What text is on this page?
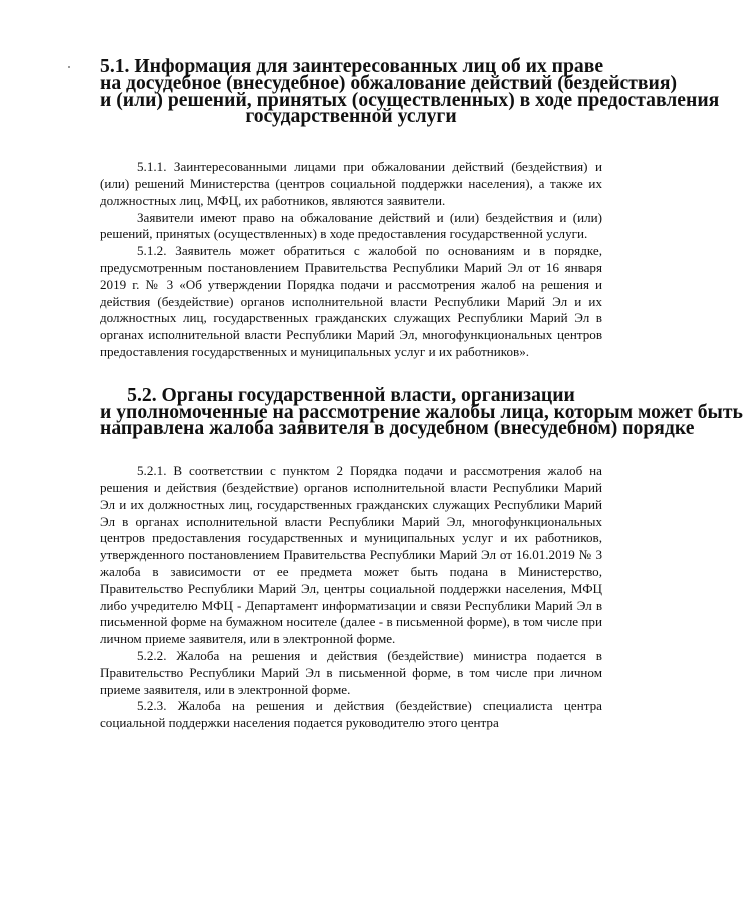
5.1. Информация для заинтересованных лиц об их праве
на досудебное (внесудебное) обжалование действий (бездействия)
и (или) решений, принятых (осуществленных) в ходе предоставления
государственной услуги

5.1.1. Заинтересованными лицами при обжаловании действий (бездействия) и (или) решений Министерства (центров социальной поддержки населения), а также их должностных лиц, МФЦ, их работников, являются заявители.

Заявители имеют право на обжалование действий и (или) бездействия и (или) решений, принятых (осуществленных) в ходе предоставления государственной услуги.

5.1.2. Заявитель может обратиться с жалобой по основаниям и в порядке, предусмотренным постановлением Правительства Республики Марий Эл от 16 января 2019 г. № 3 «Об утверждении Порядка подачи и рассмотрения жалоб на решения и действия (бездействие) органов исполнительной власти Республики Марий Эл и их должностных лиц, государственных гражданских служащих Республики Марий Эл в органах исполнительной власти Республики Марий Эл, многофункциональных центров предоставления государственных и муниципальных услуг и их работников».

5.2. Органы государственной власти, организации
и уполномоченные на рассмотрение жалобы лица, которым может быть
направлена жалоба заявителя в досудебном (внесудебном) порядке

5.2.1. В соответствии с пунктом 2 Порядка подачи и рассмотрения жалоб на решения и действия (бездействие) органов исполнительной власти Республики Марий Эл и их должностных лиц, государственных гражданских служащих Республики Марий Эл в органах исполнительной власти Республики Марий Эл, многофункциональных центров предоставления государственных и муниципальных услуг и их работников, утвержденного постановлением Правительства Республики Марий Эл от 16.01.2019 № 3 жалоба в зависимости от ее предмета может быть подана в Министерство, Правительство Республики Марий Эл, центры социальной поддержки населения, МФЦ либо учредителю МФЦ - Департамент информатизации и связи Республики Марий Эл в письменной форме на бумажном носителе (далее - в письменной форме), в том числе при личном приеме заявителя, или в электронной форме.

5.2.2. Жалоба на решения и действия (бездействие) министра подается в Правительство Республики Марий Эл в письменной форме, в том числе при личном приеме заявителя, или в электронной форме.

5.2.3. Жалоба на решения и действия (бездействие) специалиста центра социальной поддержки населения подается руководителю этого центра
